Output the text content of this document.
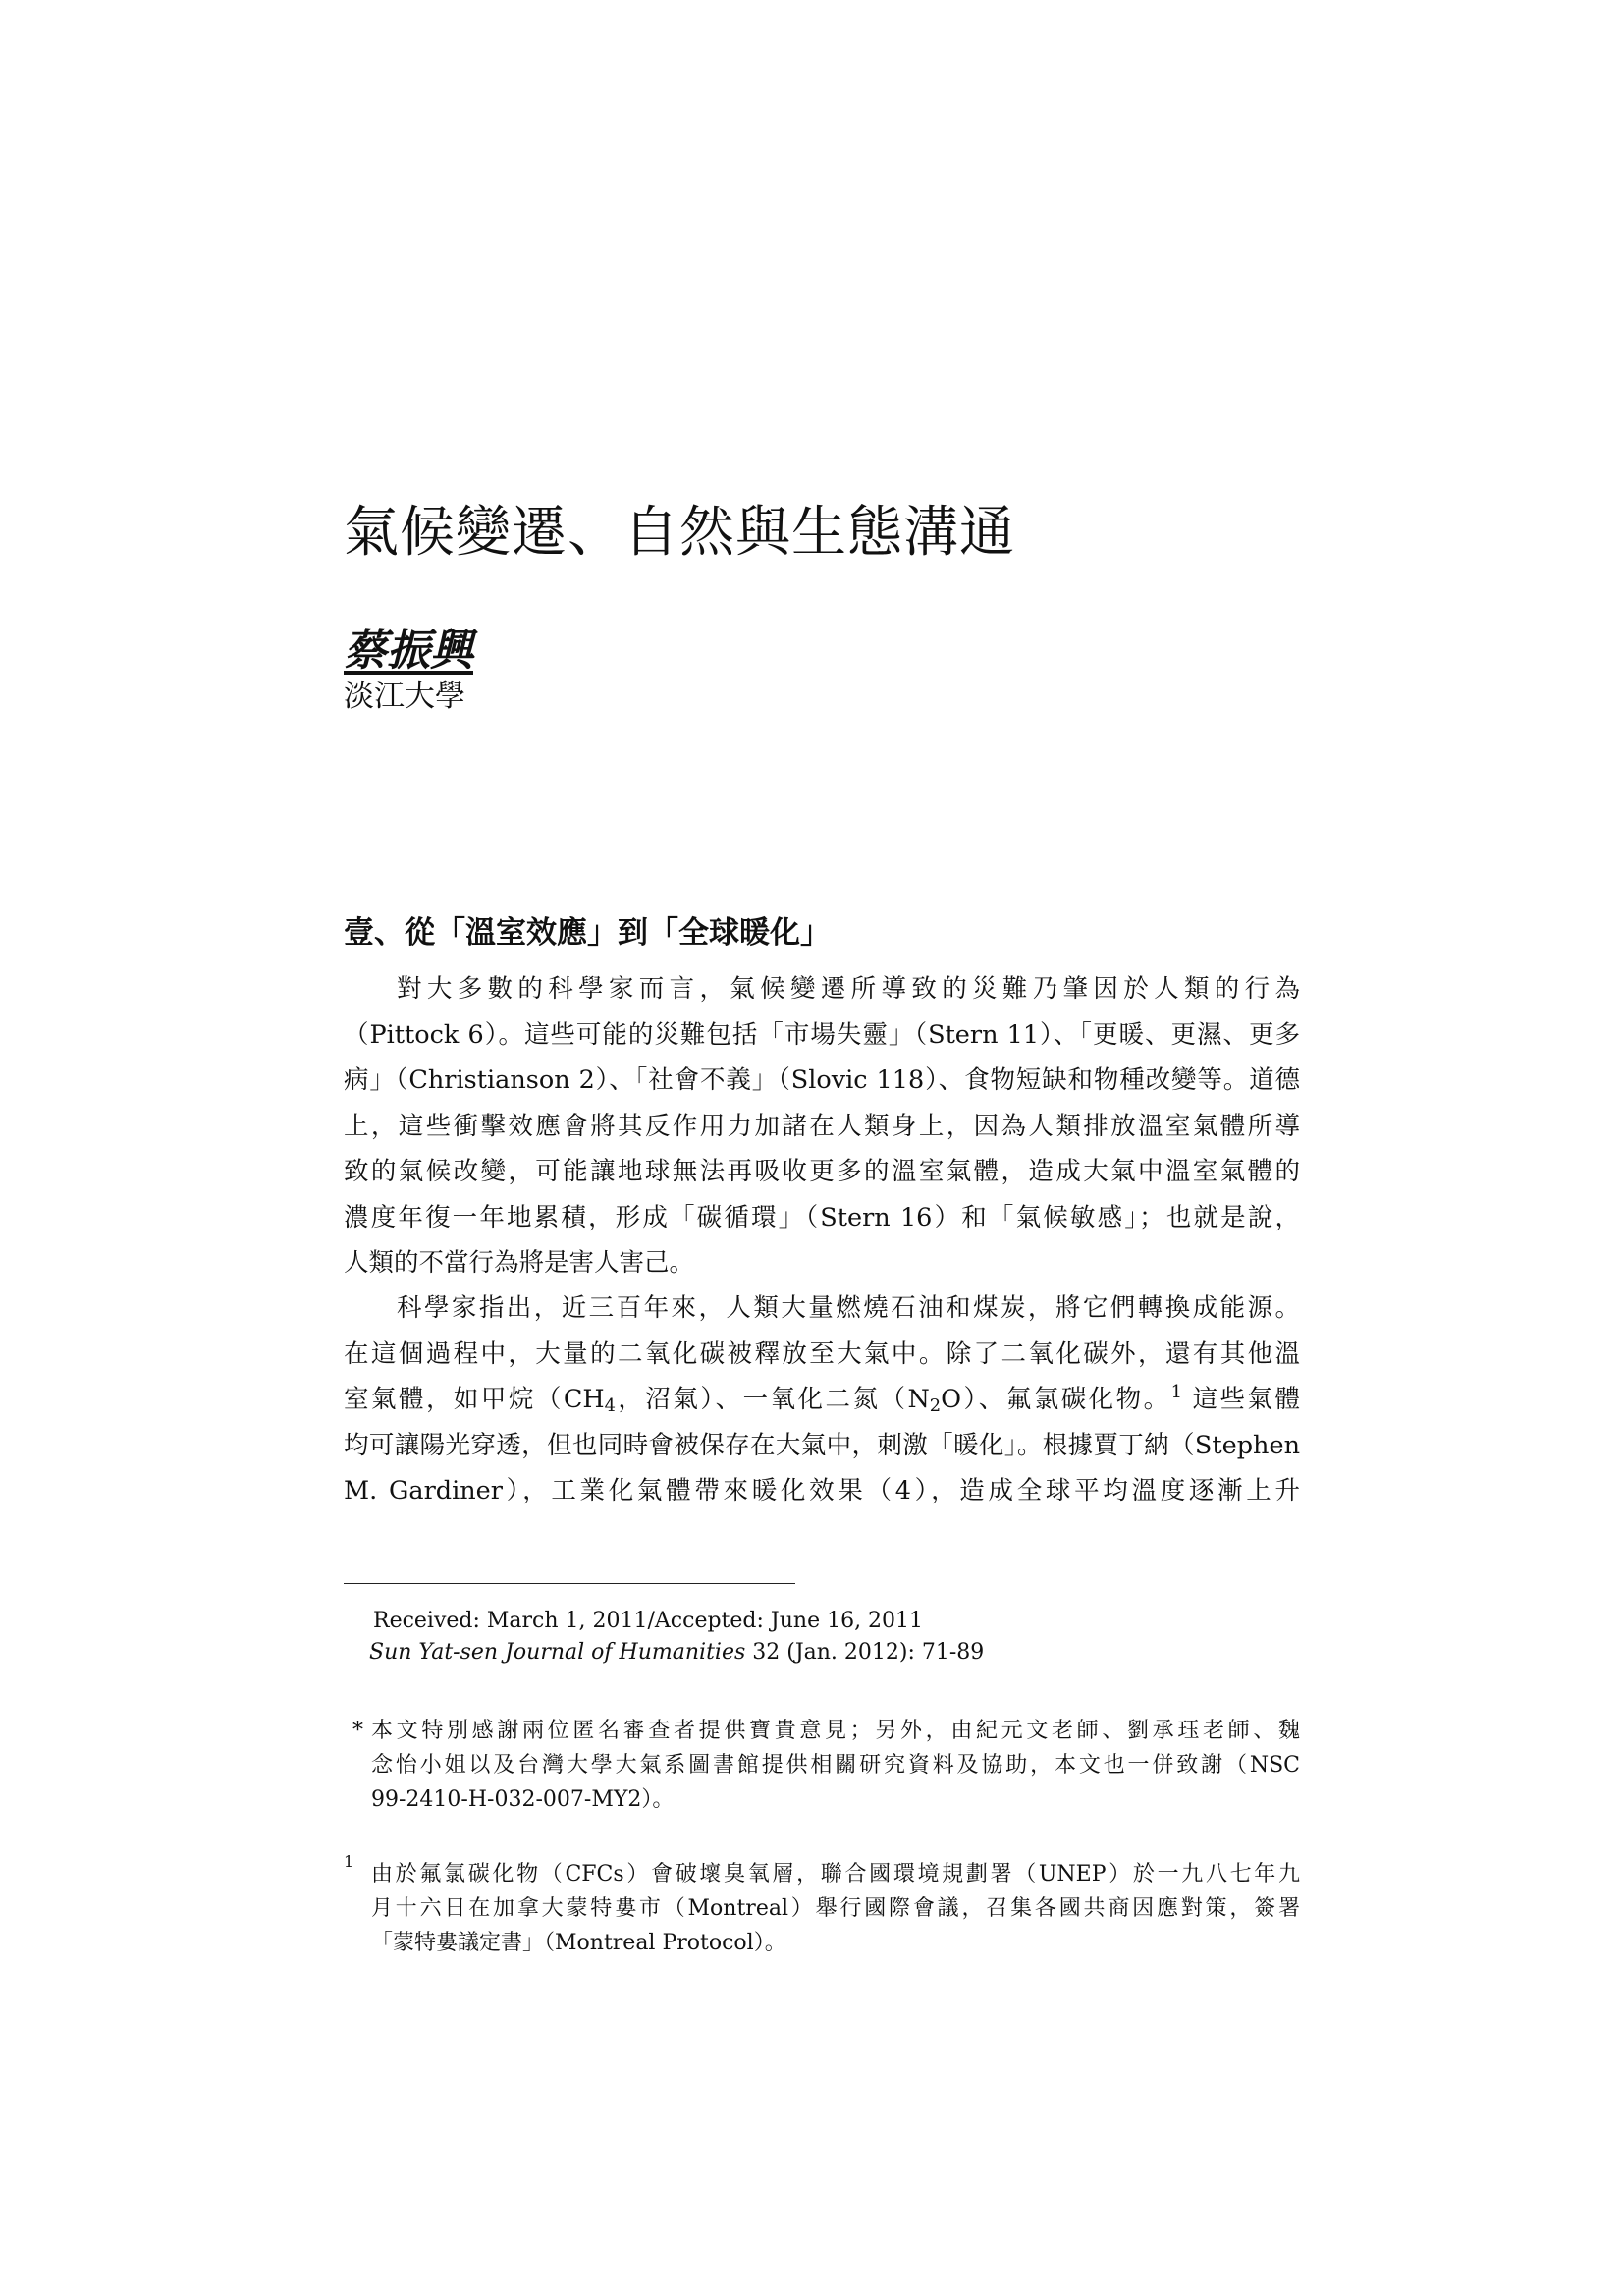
氣候變遷、自然與生態溝通
蔡振興
淡江大學
壹、從「溫室效應」到「全球暖化」
對大多數的科學家而言，氣候變遷所導致的災難乃肇因於人類的行為
（Pittock 6）。這些可能的災難包括「市場失靈」（Stern 11）、「更暖、更濕、更多
病」（Christianson 2）、「社會不義」（Slovic 118）、食物短缺和物種改變等。道德
上，這些衝擊效應會將其反作用力加諸在人類身上，因為人類排放溫室氣體所導
致的氣候改變，可能讓地球無法再吸收更多的溫室氣體，造成大氣中溫室氣體的
濃度年復一年地累積，形成「碳循環」（Stern 16）和「氣候敏感」；也就是說，
人類的不當行為將是害人害己。
科學家指出，近三百年來，人類大量燃燒石油和煤炭，將它們轉換成能源。
在這個過程中，大量的二氧化碳被釋放至大氣中。除了二氧化碳外，還有其他溫
室氣體，如甲烷（$CH_4$，沼氣）、一氧化二氮$(N_2O)$、氟氯碳化物。$^1$ 這些氣體
均可讓陽光穿透，但也同時會被保存在大氣中，刺激「暖化」。根據賈丁納（Stephen
M. Gardiner），工業化氣體帶來暖化效果（4），造成全球平均溫度逐漸上升
Received: March 1, 2011/Accepted: June 16, 2011
Sun Yat-sen Journal of Humanities 32 (Jan. 2012): 71-89
* 本文特別感謝兩位匿名審查者提供寶貴意見；另外，由紀元文老師、劉承珏老師、魏
念怡小姐以及台灣大學大氣系圖書館提供相關研究資料及協助，本文也一併致謝（NSC
99-2410-H-032-007-MY2）。
1
由於氟氯碳化物（CFCs）會破壞臭氧層，聯合國環境規劃署（UNEP）於一九八七年九
月十六日在加拿大蒙特婁市（Montreal）舉行國際會議，召集各國共商因應對策，簽署
「蒙特婁議定書」（Montreal Protocol）。
